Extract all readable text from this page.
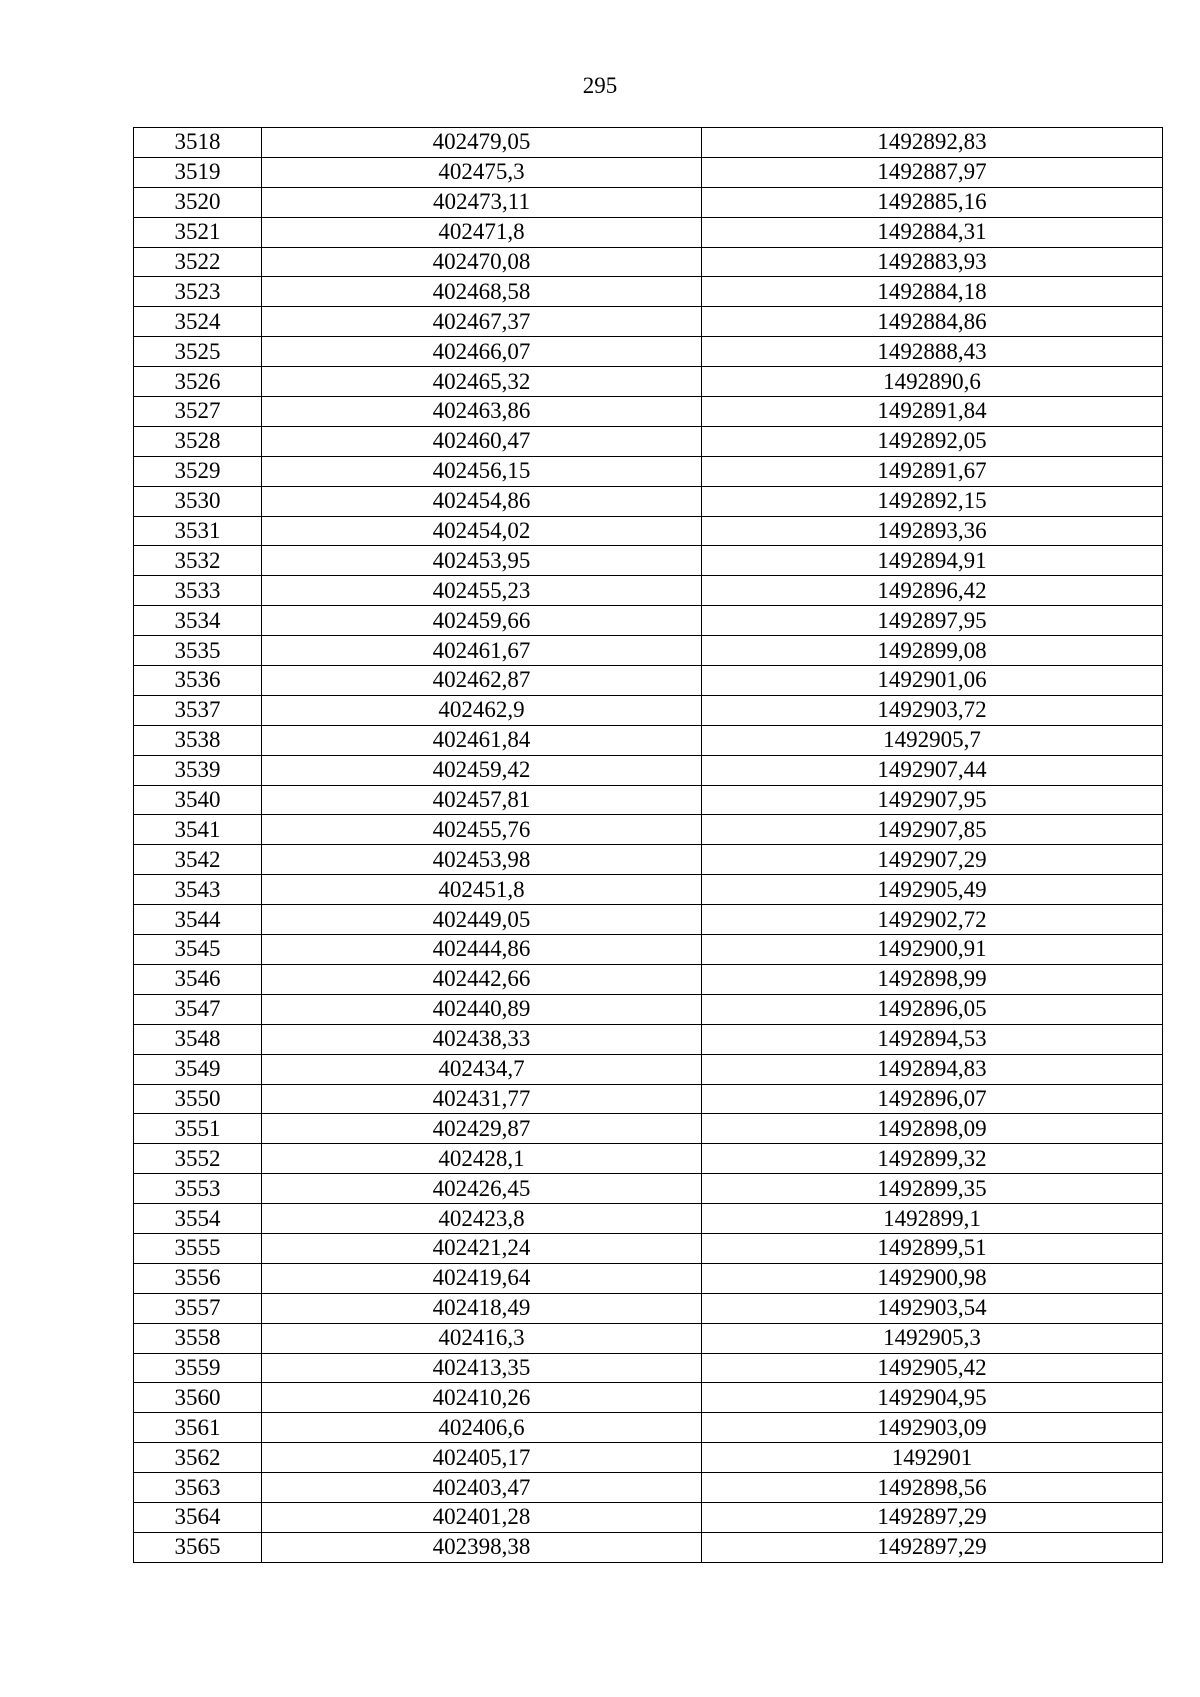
295
3518	402479,05	1492892,83
3519	402475,3	1492887,97
3520	402473,11	1492885,16
3521	402471,8	1492884,31
3522	402470,08	1492883,93
3523	402468,58	1492884,18
3524	402467,37	1492884,86
3525	402466,07	1492888,43
3526	402465,32	1492890,6
3527	402463,86	1492891,84
3528	402460,47	1492892,05
3529	402456,15	1492891,67
3530	402454,86	1492892,15
3531	402454,02	1492893,36
3532	402453,95	1492894,91
3533	402455,23	1492896,42
3534	402459,66	1492897,95
3535	402461,67	1492899,08
3536	402462,87	1492901,06
3537	402462,9	1492903,72
3538	402461,84	1492905,7
3539	402459,42	1492907,44
3540	402457,81	1492907,95
3541	402455,76	1492907,85
3542	402453,98	1492907,29
3543	402451,8	1492905,49
3544	402449,05	1492902,72
3545	402444,86	1492900,91
3546	402442,66	1492898,99
3547	402440,89	1492896,05
3548	402438,33	1492894,53
3549	402434,7	1492894,83
3550	402431,77	1492896,07
3551	402429,87	1492898,09
3552	402428,1	1492899,32
3553	402426,45	1492899,35
3554	402423,8	1492899,1
3555	402421,24	1492899,51
3556	402419,64	1492900,98
3557	402418,49	1492903,54
3558	402416,3	1492905,3
3559	402413,35	1492905,42
3560	402410,26	1492904,95
3561	402406,6	1492903,09
3562	402405,17	1492901
3563	402403,47	1492898,56
3564	402401,28	1492897,29
3565	402398,38	1492897,29
